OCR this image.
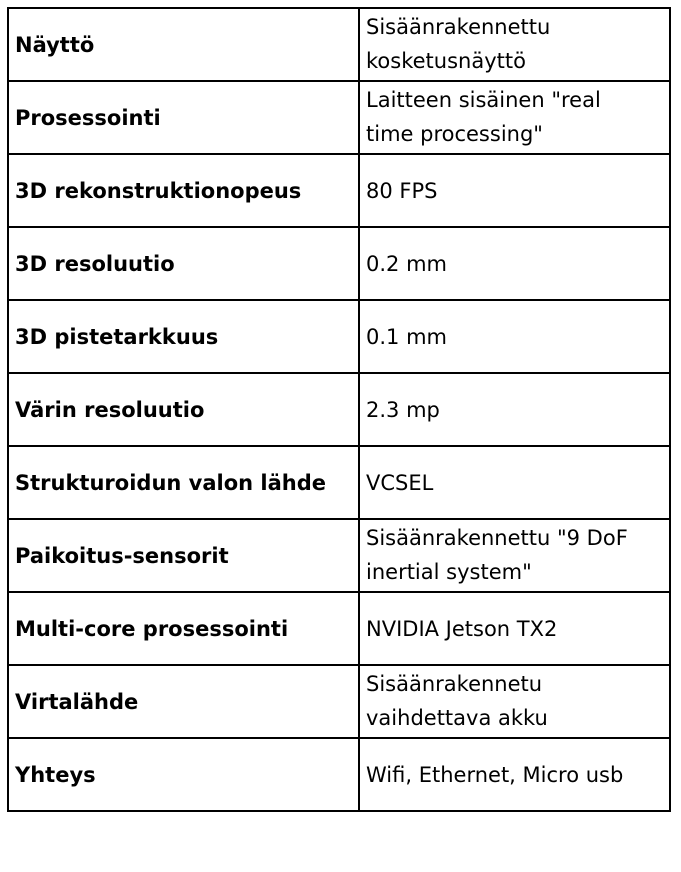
Näyttö	Sisäänrakennettu
kosketusnäyttö
Prosessointi	Laitteen sisäinen "real
time processing"
3D rekonstruktionopeus	80 FPS
3D resoluutio	0.2 mm
3D pistetarkkuus	0.1 mm
Värin resoluutio	2.3 mp
Strukturoidun valon lähde	VCSEL
Paikoitus-sensorit	Sisäänrakennettu "9 DoF
inertial system"
Multi-core prosessointi	NVIDIA Jetson TX2
Virtalähde	Sisäänrakennetu
vaihdettava akku
Yhteys	Wifi, Ethernet, Micro usb
